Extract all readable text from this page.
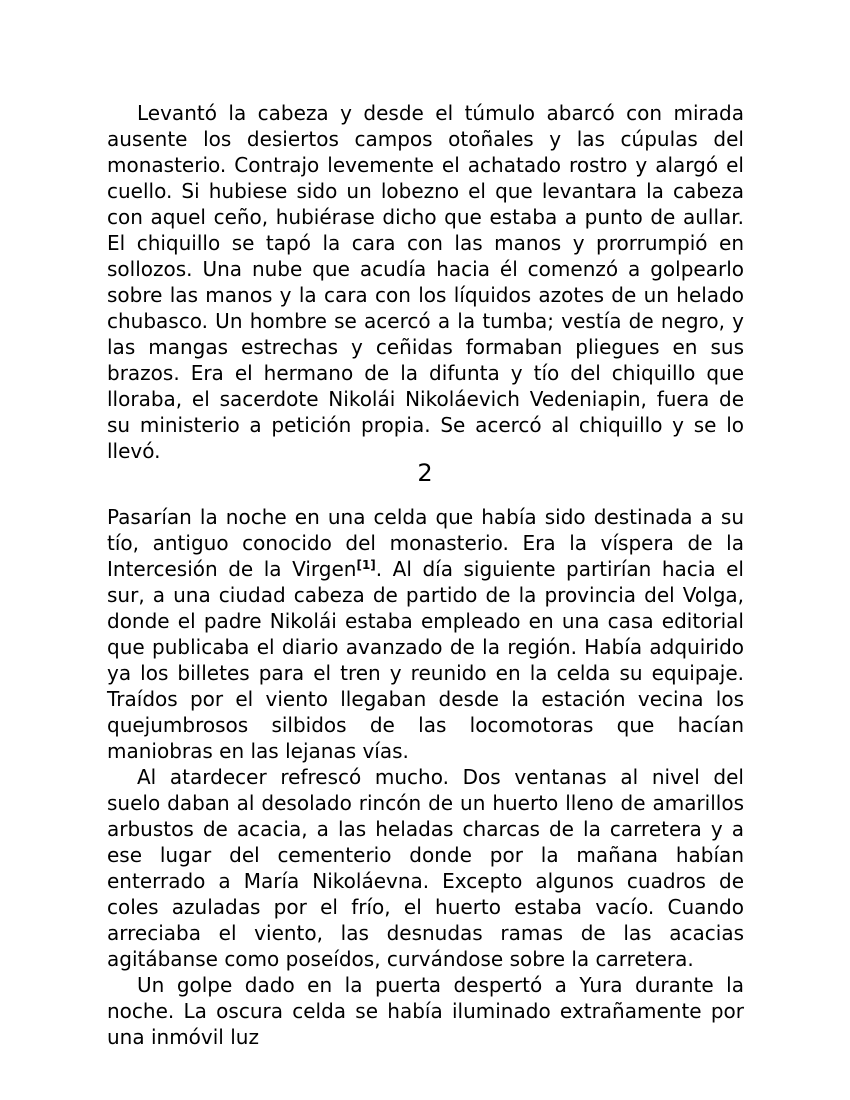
Levantó la cabeza y desde el túmulo abarcó con mirada ausente los desiertos campos otoñales y las cúpulas del monasterio. Contrajo levemente el achatado rostro y alargó el cuello. Si hubiese sido un lobezno el que levantara la cabeza con aquel ceño, hubiérase dicho que estaba a punto de aullar. El chiquillo se tapó la cara con las manos y prorrumpió en sollozos. Una nube que acudía hacia él comenzó a golpearlo sobre las manos y la cara con los líquidos azotes de un helado chubasco. Un hombre se acercó a la tumba; vestía de negro, y las mangas estrechas y ceñidas formaban pliegues en sus brazos. Era el hermano de la difunta y tío del chiquillo que lloraba, el sacerdote Nikolái Nikoláevich Vedeniapin, fuera de su ministerio a petición propia. Se acercó al chiquillo y se lo llevó.

2

Pasarían la noche en una celda que había sido destinada a su tío, antiguo conocido del monasterio. Era la víspera de la Intercesión de la Virgen[1]. Al día siguiente partirían hacia el sur, a una ciudad cabeza de partido de la provincia del Volga, donde el padre Nikolái estaba empleado en una casa editorial que publicaba el diario avanzado de la región. Había adquirido ya los billetes para el tren y reunido en la celda su equipaje. Traídos por el viento llegaban desde la estación vecina los quejumbrosos silbidos de las locomotoras que hacían maniobras en las lejanas vías.

Al atardecer refrescó mucho. Dos ventanas al nivel del suelo daban al desolado rincón de un huerto lleno de amarillos arbustos de acacia, a las heladas charcas de la carretera y a ese lugar del cementerio donde por la mañana habían enterrado a María Nikoláevna. Excepto algunos cuadros de coles azuladas por el frío, el huerto estaba vacío. Cuando arreciaba el viento, las desnudas ramas de las acacias agitábanse como poseídos, curvándose sobre la carretera.

Un golpe dado en la puerta despertó a Yura durante la noche. La oscura celda se había iluminado extrañamente por una inmóvil luz
